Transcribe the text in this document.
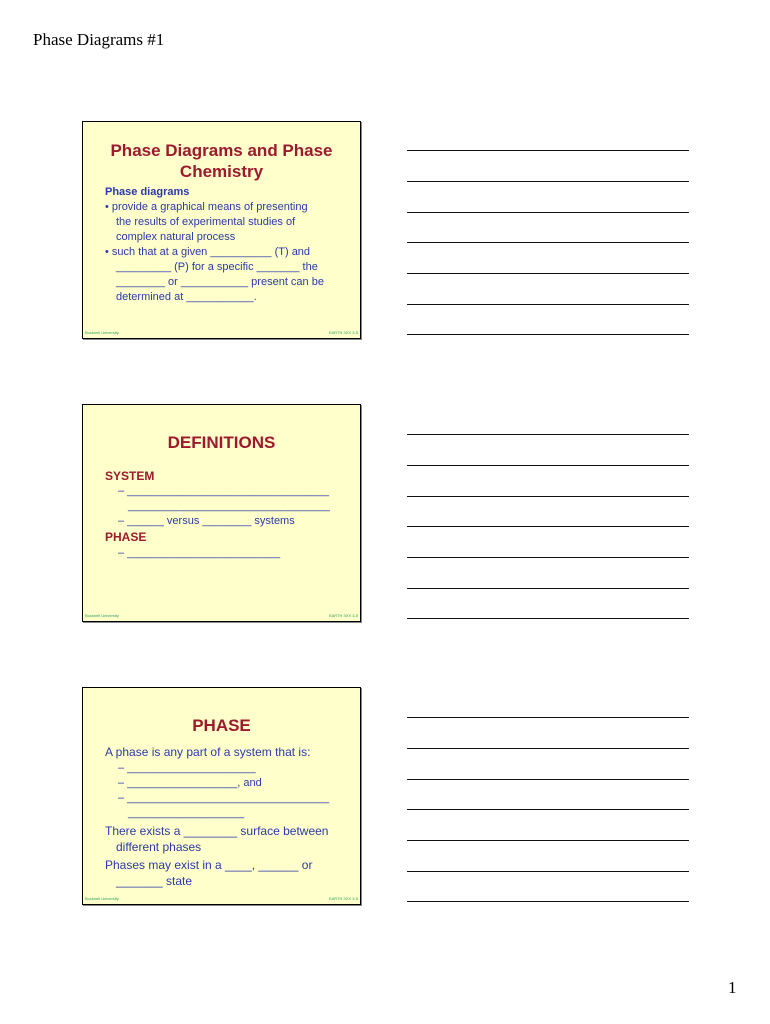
Phase Diagrams #1
Phase Diagrams and Phase
Chemistry
Phase diagrams
• provide a graphical means of presenting
the results of experimental studies of
complex natural process
• such that at a given __________ (T) and
_________ (P) for a specific _______ the
________ or ___________ present can be
determined at ___________.
Bucknell University	EARTH 3XX 3-5
DEFINITIONS
SYSTEM
– _________________________________
_________________________________
– ______ versus ________ systems
PHASE
– _________________________
Bucknell University	EARTH 3XX 3-5
PHASE
A phase is any part of a system that is:
– _____________________
– __________________, and
– _________________________________
___________________
There exists a ________ surface between
different phases
Phases may exist in a ____, ______ or
_______ state
Bucknell University	EARTH 3XX 3-5
1
